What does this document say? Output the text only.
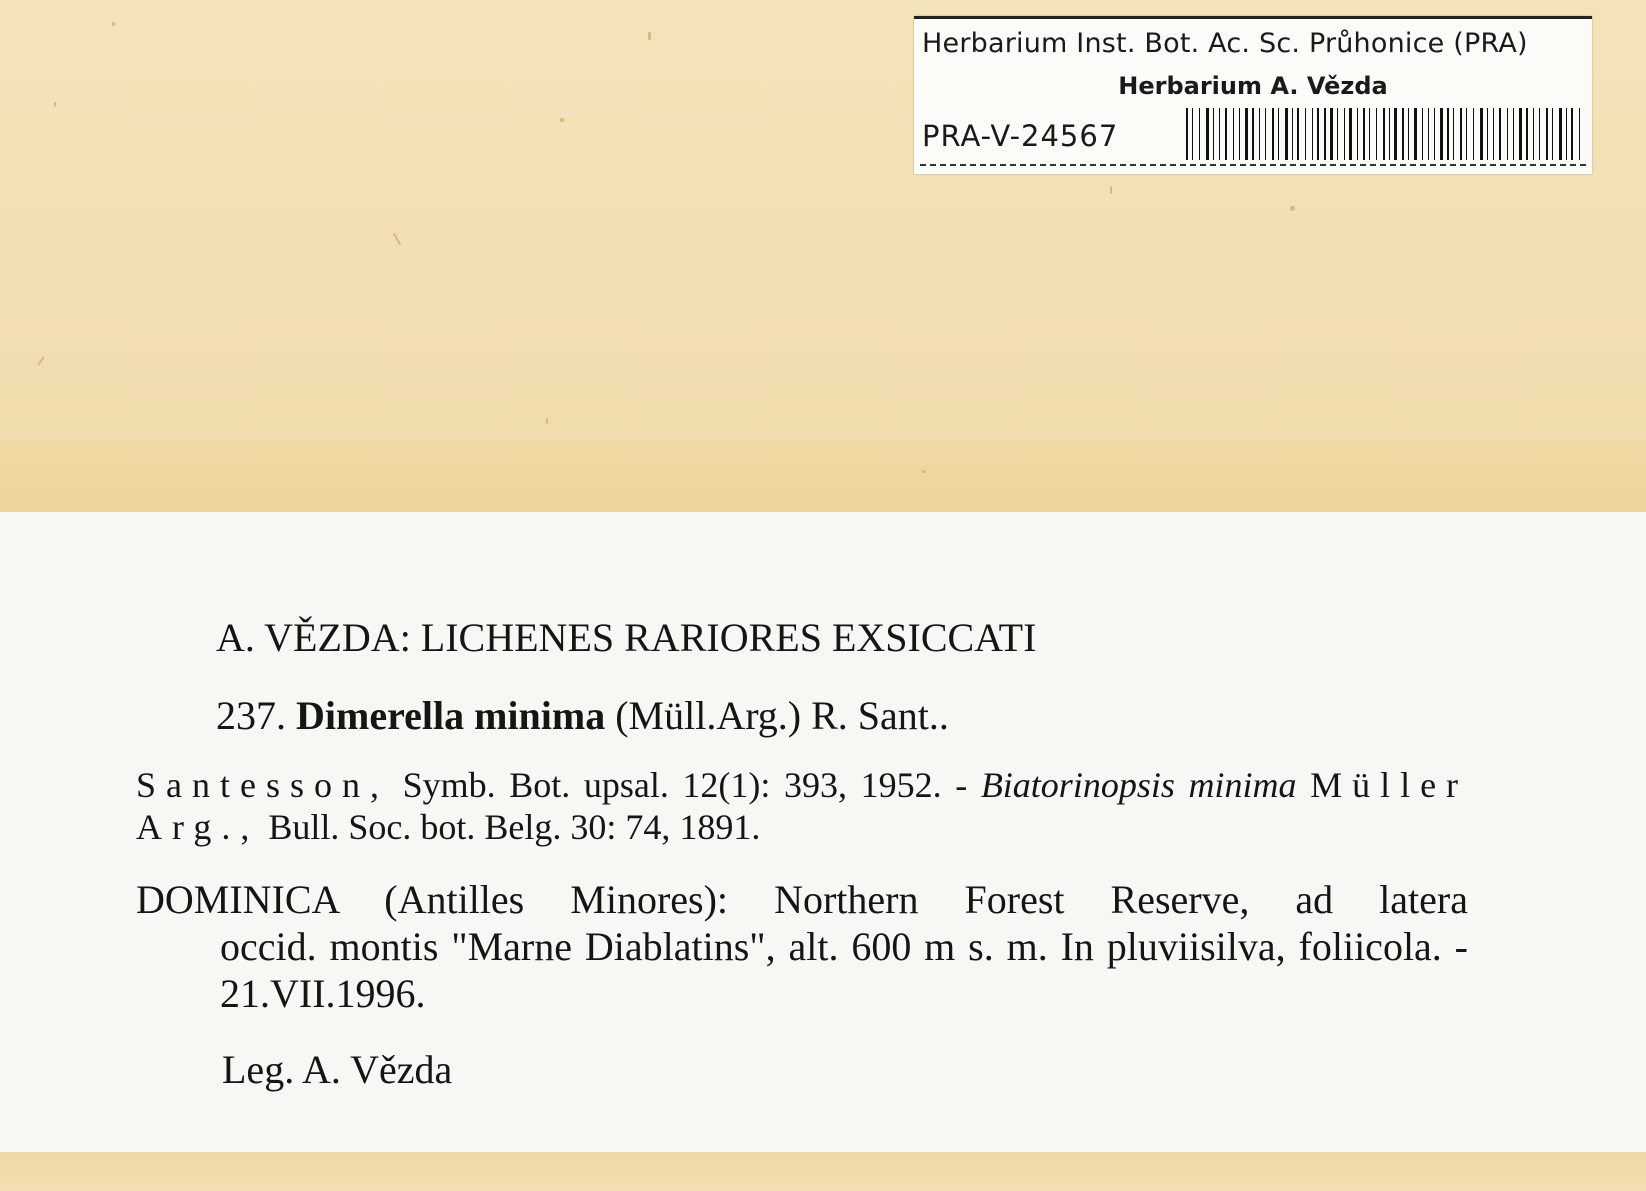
Herbarium Inst. Bot. Ac. Sc. Průhonice (PRA)
Herbarium A. Vězda
PRA-V-24567
A. VĚZDA: LICHENES RARIORES EXSICCATI
237. Dimerella minima (Müll.Arg.) R. Sant..
Santesson, Symb. Bot. upsal. 12(1): 393, 1952. - Biatorinopsis minima Müller Arg., Bull. Soc. bot. Belg. 30: 74, 1891.
DOMINICA (Antilles Minores): Northern Forest Reserve, ad latera
occid. montis "Marne Diablatins", alt. 600 m s. m. In pluviisilva, foliicola. - 21.VII.1996.
Leg. A. Vězda
